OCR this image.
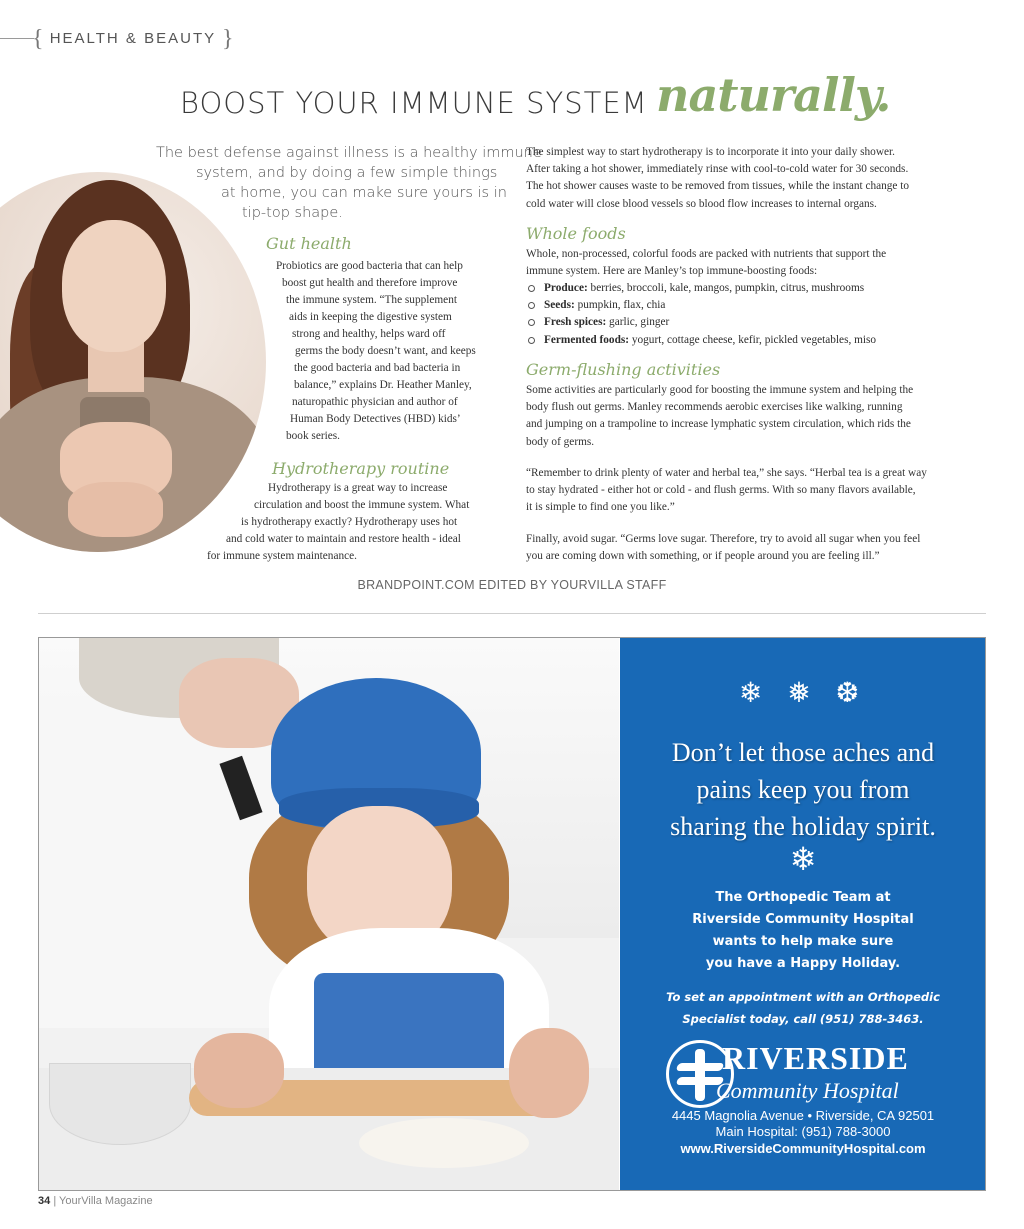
{ HEALTH & BEAUTY }
BOOST YOUR IMMUNE SYSTEM naturally.
The best defense against illness is a healthy immune
system, and by doing a few simple things
at home, you can make sure yours is in
tip-top shape.
Gut health
Probiotics are good bacteria that can help
boost gut health and therefore improve
the immune system. “The supplement
aids in keeping the digestive system
strong and healthy, helps ward off
germs the body doesn’t want, and keeps
the good bacteria and bad bacteria in
balance,” explains Dr. Heather Manley,
naturopathic physician and author of
Human Body Detectives (HBD) kids’
book series.
Hydrotherapy routine
Hydrotherapy is a great way to increase
circulation and boost the immune system. What
is hydrotherapy exactly? Hydrotherapy uses hot
and cold water to maintain and restore health - ideal
for immune system maintenance.
The simplest way to start hydrotherapy is to incorporate it into your daily shower.
After taking a hot shower, immediately rinse with cool-to-cold water for 30 seconds.
The hot shower causes waste to be removed from tissues, while the instant change to
cold water will close blood vessels so blood flow increases to internal organs.
Whole foods
Whole, non-processed, colorful foods are packed with nutrients that support the
immune system. Here are Manley’s top immune-boosting foods:
Produce: berries, broccoli, kale, mangos, pumpkin, citrus, mushrooms
Seeds: pumpkin, flax, chia
Fresh spices: garlic, ginger
Fermented foods: yogurt, cottage cheese, kefir, pickled vegetables, miso
Germ-flushing activities
Some activities are particularly good for boosting the immune system and helping the
body flush out germs. Manley recommends aerobic exercises like walking, running
and jumping on a trampoline to increase lymphatic system circulation, which rids the
body of germs.
“Remember to drink plenty of water and herbal tea,” she says. “Herbal tea is a great way
to stay hydrated - either hot or cold - and flush germs. With so many flavors available,
it is simple to find one you like.”
Finally, avoid sugar. “Germs love sugar. Therefore, try to avoid all sugar when you feel
you are coming down with something, or if people around you are feeling ill.”
BRANDPOINT.COM EDITED BY YOURVILLA STAFF
❄ ❅ ❆
Don’t let those aches and
pains keep you from
sharing the holiday spirit.
❄
The Orthopedic Team at
Riverside Community Hospital
wants to help make sure
you have a Happy Holiday.
To set an appointment with an Orthopedic
Specialist today, call (951) 788-3463.
RIVERSIDE
Community Hospital
4445 Magnolia Avenue • Riverside, CA 92501
Main Hospital: (951) 788-3000
www.RiversideCommunityHospital.com
34 | YourVilla Magazine
